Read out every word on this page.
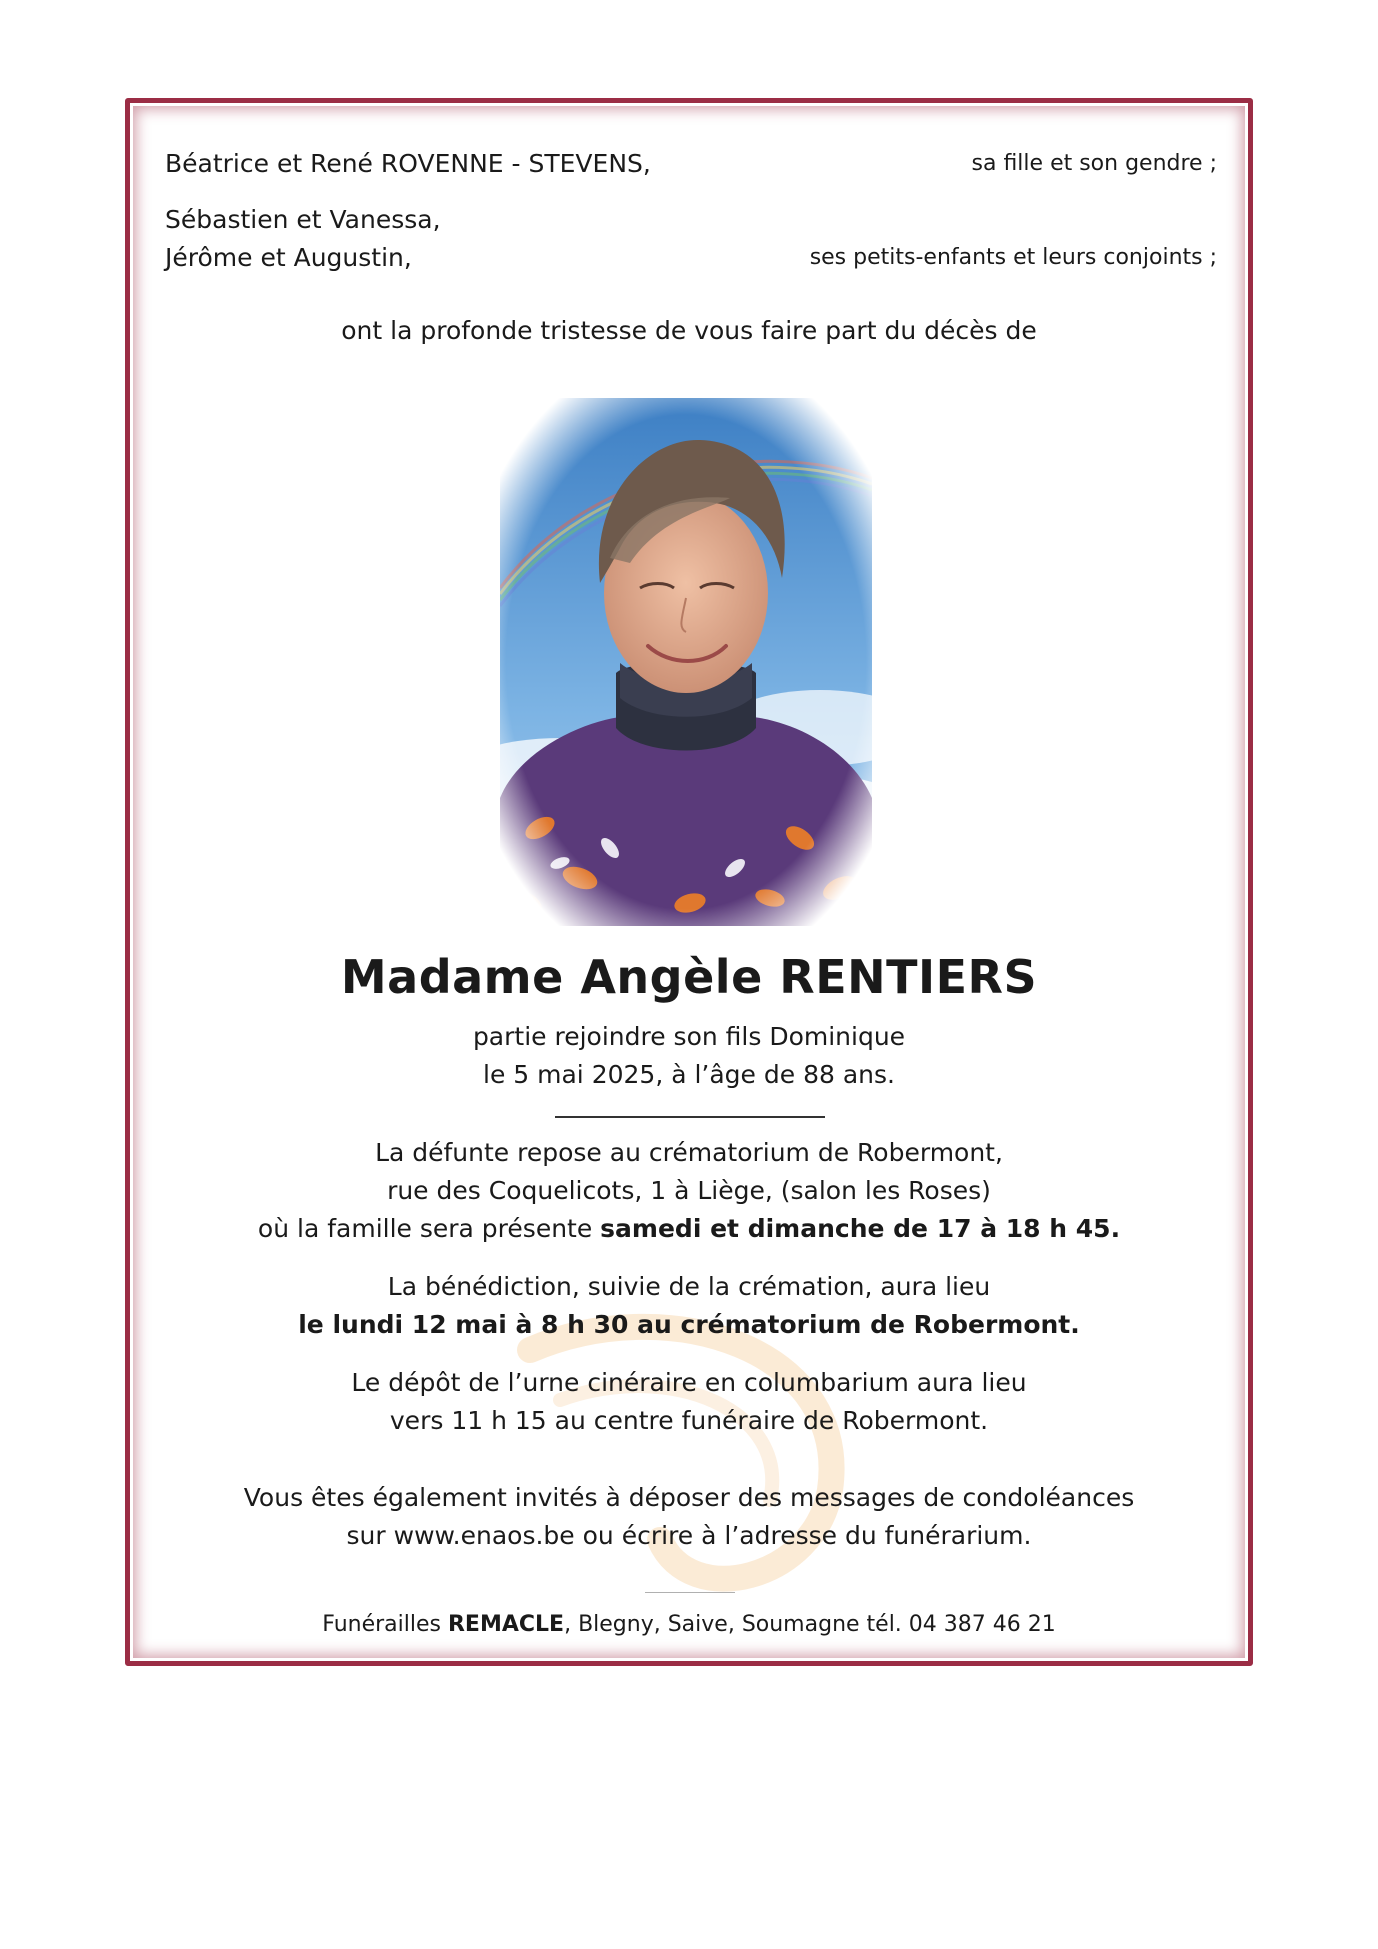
Béatrice et René ROVENNE - STEVENS,	sa fille et son gendre ;
Sébastien et Vanessa,
Jérôme et Augustin,	ses petits-enfants et leurs conjoints ;
ont la profonde tristesse de vous faire part du décès de
Madame Angèle RENTIERS
partie rejoindre son fils Dominique
le 5 mai 2025, à l’âge de 88 ans.
La défunte repose au crématorium de Robermont,
rue des Coquelicots, 1 à Liège, (salon les Roses)
où la famille sera présente samedi et dimanche de 17 à 18 h 45.
La bénédiction, suivie de la crémation, aura lieu
le lundi 12 mai à 8 h 30 au crématorium de Robermont.
Le dépôt de l’urne cinéraire en columbarium aura lieu
vers 11 h 15 au centre funéraire de Robermont.
Vous êtes également invités à déposer des messages de condoléances
sur www.enaos.be ou écrire à l’adresse du funérarium.
Funérailles REMACLE, Blegny, Saive, Soumagne tél. 04 387 46 21
